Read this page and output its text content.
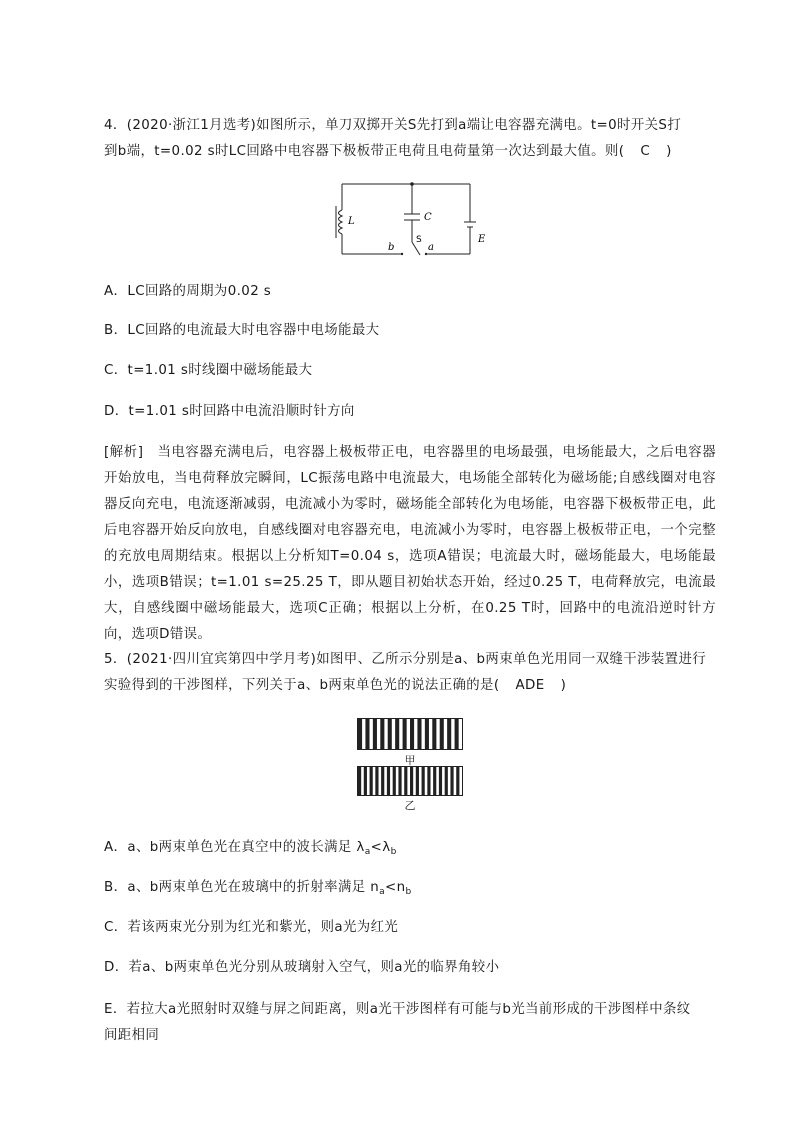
4．(2020·浙江1月选考)如图所示，单刀双掷开关S先打到a端让电容器充满电。t=0时开关S打
到b端，t=0.02 s时LC回路中电容器下极板带正电荷且电荷量第一次达到最大值。则( C )
L	C
S
b	a
E
A．LC回路的周期为0.02 s
B．LC回路的电流最大时电容器中电场能最大
C．t=1.01 s时线圈中磁场能最大
D．t=1.01 s时回路中电流沿顺时针方向
[解析]　当电容器充满电后，电容器上极板带正电，电容器里的电场最强，电场能最大，之后电容器开始放电，当电荷释放完瞬间，LC振荡电路中电流最大，电场能全部转化为磁场能;自感线圈对电容器反向充电，电流逐渐减弱，电流减小为零时，磁场能全部转化为电场能，电容器下极板带正电，此后电容器开始反向放电，自感线圈对电容器充电，电流减小为零时，电容器上极板带正电，一个完整的充放电周期结束。根据以上分析知T=0.04 s，选项A错误；电流最大时，磁场能最大，电场能最小，选项B错误；t=1.01 s=25.25 T，即从题目初始状态开始，经过0.25 T，电荷释放完，电流最大，自感线圈中磁场能最大，选项C正确；根据以上分析，在0.25 T时，回路中的电流沿逆时针方向，选项D错误。
5．(2021·四川宜宾第四中学月考)如图甲、乙所示分别是a、b两束单色光用同一双缝干涉装置进行
实验得到的干涉图样，下列关于a、b两束单色光的说法正确的是( ADE )
甲
乙
A．a、b两束单色光在真空中的波长满足 $\lambda_a<\lambda_b$
B．a、b两束单色光在玻璃中的折射率满足 $n_a<n_b$
C．若该两束光分别为红光和紫光，则a光为红光
D．若a、b两束单色光分别从玻璃射入空气，则a光的临界角较小
E．若拉大a光照射时双缝与屏之间距离，则a光干涉图样有可能与b光当前形成的干涉图样中条纹
间距相同
